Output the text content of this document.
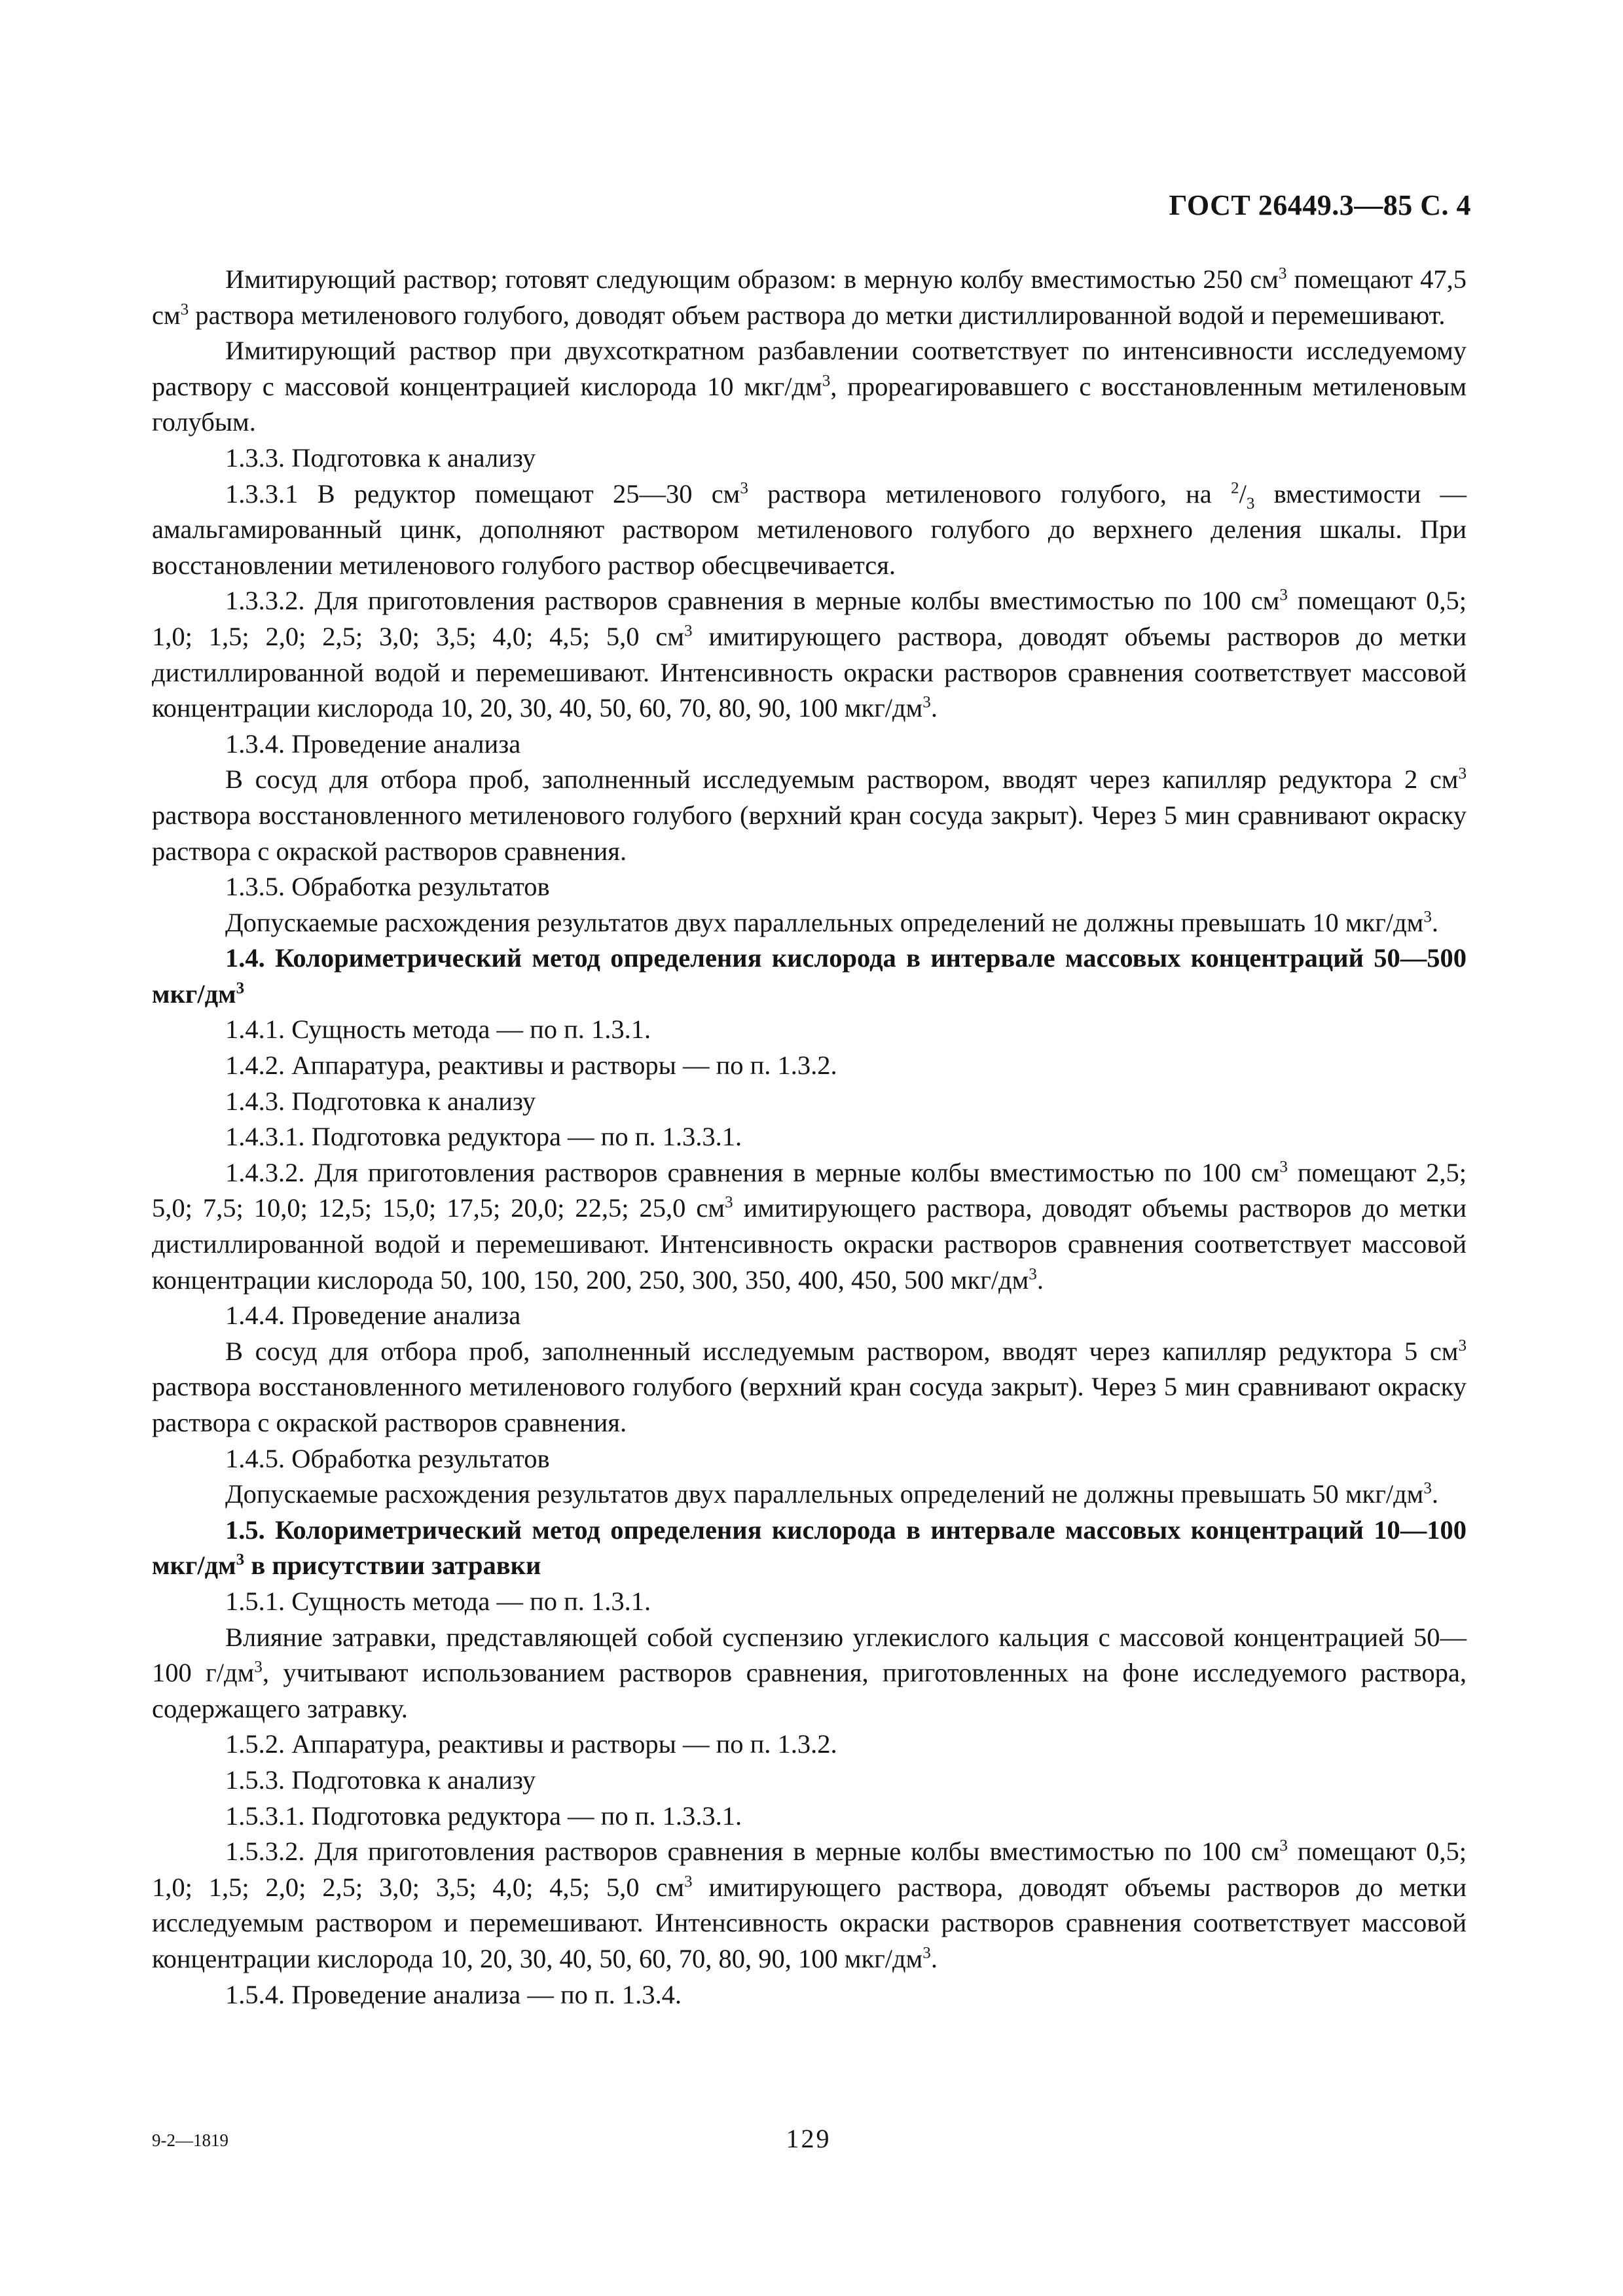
ГОСТ 26449.3—85 С. 4

Имитирующий раствор; готовят следующим образом: в мерную колбу вместимостью 250 $см^3$ помещают 47,5 $см^3$ раствора метиленового голубого, доводят объем раствора до метки дистиллированной водой и перемешивают.

Имитирующий раствор при двухсоткратном разбавлении соответствует по интенсивности исследуемому раствору с массовой концентрацией кислорода 10 мкг/$дм^3$, прореагировавшего с восстановленным метиленовым голубым.

1.3.3. Подготовка к анализу

1.3.3.1 В редуктор помещают 25—30 $см^3$ раствора метиленового голубого, на $^2/_3$ вместимости — амальгамированный цинк, дополняют раствором метиленового голубого до верхнего деления шкалы. При восстановлении метиленового голубого раствор обесцвечивается.

1.3.3.2. Для приготовления растворов сравнения в мерные колбы вместимостью по 100 $см^3$ помещают 0,5; 1,0; 1,5; 2,0; 2,5; 3,0; 3,5; 4,0; 4,5; 5,0 $см^3$ имитирующего раствора, доводят объемы растворов до метки дистиллированной водой и перемешивают. Интенсивность окраски растворов сравнения соответствует массовой концентрации кислорода 10, 20, 30, 40, 50, 60, 70, 80, 90, 100 мкг/$дм^3$.

1.3.4. Проведение анализа

В сосуд для отбора проб, заполненный исследуемым раствором, вводят через капилляр редуктора 2 $см^3$ раствора восстановленного метиленового голубого (верхний кран сосуда закрыт). Через 5 мин сравнивают окраску раствора с окраской растворов сравнения.

1.3.5. Обработка результатов

Допускаемые расхождения результатов двух параллельных определений не должны превышать 10 мкг/$дм^3$.

1.4. Колориметрический метод определения кислорода в интервале массовых концентраций 50—500 мкг/$дм^3$

1.4.1. Сущность метода — по п. 1.3.1.

1.4.2. Аппаратура, реактивы и растворы — по п. 1.3.2.

1.4.3. Подготовка к анализу

1.4.3.1. Подготовка редуктора — по п. 1.3.3.1.

1.4.3.2. Для приготовления растворов сравнения в мерные колбы вместимостью по 100 $см^3$ помещают 2,5; 5,0; 7,5; 10,0; 12,5; 15,0; 17,5; 20,0; 22,5; 25,0 $см^3$ имитирующего раствора, доводят объемы растворов до метки дистиллированной водой и перемешивают. Интенсивность окраски растворов сравнения соответствует массовой концентрации кислорода 50, 100, 150, 200, 250, 300, 350, 400, 450, 500 мкг/$дм^3$.

1.4.4. Проведение анализа

В сосуд для отбора проб, заполненный исследуемым раствором, вводят через капилляр редуктора 5 $см^3$ раствора восстановленного метиленового голубого (верхний кран сосуда закрыт). Через 5 мин сравнивают окраску раствора с окраской растворов сравнения.

1.4.5. Обработка результатов

Допускаемые расхождения результатов двух параллельных определений не должны превышать 50 мкг/$дм^3$.

1.5. Колориметрический метод определения кислорода в интервале массовых концентраций 10—100 мкг/$дм^3$ в присутствии затравки

1.5.1. Сущность метода — по п. 1.3.1.

Влияние затравки, представляющей собой суспензию углекислого кальция с массовой концентрацией 50—100 $г/дм^3$, учитывают использованием растворов сравнения, приготовленных на фоне исследуемого раствора, содержащего затравку.

1.5.2. Аппаратура, реактивы и растворы — по п. 1.3.2.

1.5.3. Подготовка к анализу

1.5.3.1. Подготовка редуктора — по п. 1.3.3.1.

1.5.3.2. Для приготовления растворов сравнения в мерные колбы вместимостью по 100 $см^3$ помещают 0,5; 1,0; 1,5; 2,0; 2,5; 3,0; 3,5; 4,0; 4,5; 5,0 $см^3$ имитирующего раствора, доводят объемы растворов до метки исследуемым раствором и перемешивают. Интенсивность окраски растворов сравнения соответствует массовой концентрации кислорода 10, 20, 30, 40, 50, 60, 70, 80, 90, 100 мкг/$дм^3$.

1.5.4. Проведение анализа — по п. 1.3.4.

9-2—1819	129
